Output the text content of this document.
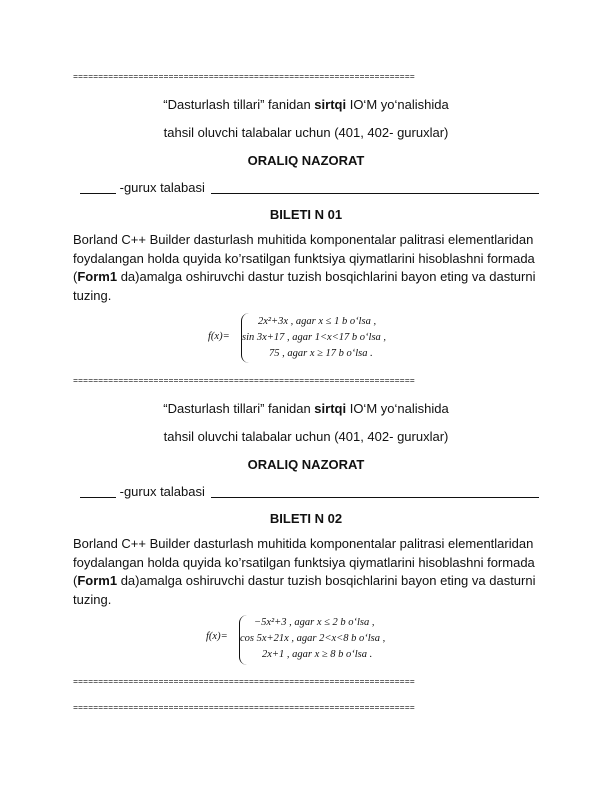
====================================================================
“Dasturlash tillari” fanidan sirtqi IO‘M yo‘nalishida
tahsil oluvchi talabalar uchun (401, 402- guruxlar)
ORALIQ NAZORAT
-gurux talabasi
BILETI N 01
Borland C++ Builder dasturlash muhitida komponentalar palitrasi elementlaridan foydalangan holda quyida ko’rsatilgan funktsiya qiymatlarini hisoblashni formada (Form1 da)amalga oshiruvchi dastur tuzish bosqichlarini bayon eting va dasturni tuzing.
f(x)=
2x²+3x , agar x ≤ 1 b oʻlsa ,
sin 3x+17 , agar 1<x<17 b oʻlsa ,
75 , agar x ≥ 17 b oʻlsa .
====================================================================
“Dasturlash tillari” fanidan sirtqi IO‘M yo‘nalishida
tahsil oluvchi talabalar uchun (401, 402- guruxlar)
ORALIQ NAZORAT
-gurux talabasi
BILETI N 02
Borland C++ Builder dasturlash muhitida komponentalar palitrasi elementlaridan foydalangan holda quyida ko’rsatilgan funktsiya qiymatlarini hisoblashni formada (Form1 da)amalga oshiruvchi dastur tuzish bosqichlarini bayon eting va dasturni tuzing.
f(x)=
−5x²+3 , agar x ≤ 2 b oʻlsa ,
cos 5x+21x , agar 2<x<8 b oʻlsa ,
2x+1 , agar x ≥ 8 b oʻlsa .
====================================================================
====================================================================
